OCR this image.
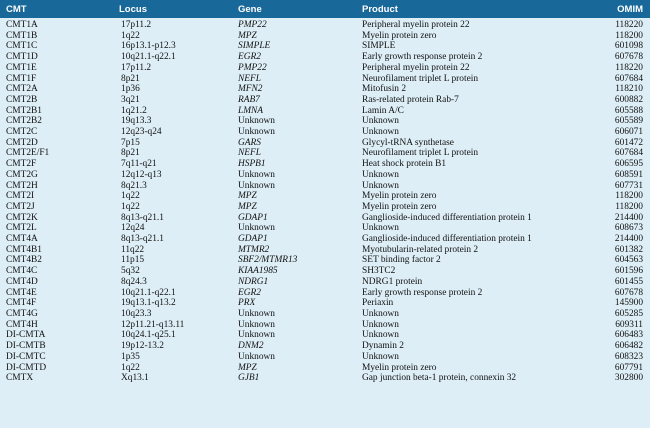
CMT	Locus	Gene	Product	OMIM
CMT1A	17p11.2	PMP22	Peripheral myelin protein 22	118220
CMT1B	1q22	MPZ	Myelin protein zero	118200
CMT1C	16p13.1-p12.3	SIMPLE	SIMPLE	601098
CMT1D	10q21.1-q22.1	EGR2	Early growth response protein 2	607678
CMT1E	17p11.2	PMP22	Peripheral myelin protein 22	118220
CMT1F	8p21	NEFL	Neurofilament triplet L protein	607684
CMT2A	1p36	MFN2	Mitofusin 2	118210
CMT2B	3q21	RAB7	Ras-related protein Rab-7	600882
CMT2B1	1q21.2	LMNA	Lamin A/C	605588
CMT2B2	19q13.3	Unknown	Unknown	605589
CMT2C	12q23-q24	Unknown	Unknown	606071
CMT2D	7p15	GARS	Glycyl-tRNA synthetase	601472
CMT2E/F1	8p21	NEFL	Neurofilament triplet L protein	607684
CMT2F	7q11-q21	HSPB1	Heat shock protein B1	606595
CMT2G	12q12-q13	Unknown	Unknown	608591
CMT2H	8q21.3	Unknown	Unknown	607731
CMT2I	1q22	MPZ	Myelin protein zero	118200
CMT2J	1q22	MPZ	Myelin protein zero	118200
CMT2K	8q13-q21.1	GDAP1	Ganglioside-induced differentiation protein 1	214400
CMT2L	12q24	Unknown	Unknown	608673
CMT4A	8q13-q21.1	GDAP1	Ganglioside-induced differentiation protein 1	214400
CMT4B1	11q22	MTMR2	Myotubularin-related protein 2	601382
CMT4B2	11p15	SBF2/MTMR13	SET binding factor 2	604563
CMT4C	5q32	KIAA1985	SH3TC2	601596
CMT4D	8q24.3	NDRG1	NDRG1 protein	601455
CMT4E	10q21.1-q22.1	EGR2	Early growth response protein 2	607678
CMT4F	19q13.1-q13.2	PRX	Periaxin	145900
CMT4G	10q23.3	Unknown	Unknown	605285
CMT4H	12p11.21-q13.11	Unknown	Unknown	609311
DI-CMTA	10q24.1-q25.1	Unknown	Unknown	606483
DI-CMTB	19p12-13.2	DNM2	Dynamin 2	606482
DI-CMTC	1p35	Unknown	Unknown	608323
DI-CMTD	1q22	MPZ	Myelin protein zero	607791
CMTX	Xq13.1	GJB1	Gap junction beta-1 protein, connexin 32	302800
